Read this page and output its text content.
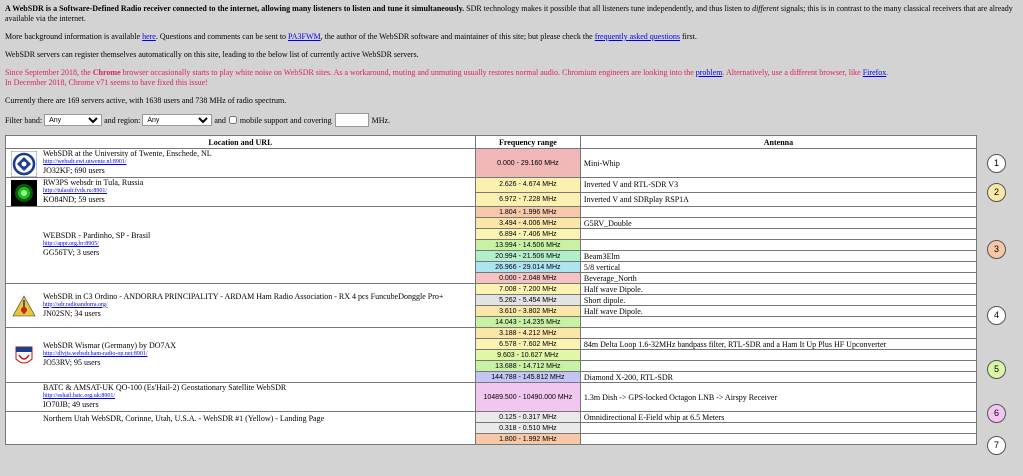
A WebSDR is a Software-Defined Radio receiver connected to the internet, allowing many listeners to listen and tune it simultaneously. SDR technology makes it possible that all listeners tune independently, and thus listen to different signals; this is in contrast to the many classical receivers that are already available via the internet.

More background information is available here. Questions and comments can be sent to PA3FWM, the author of the WebSDR software and maintainer of this site; but please check the frequently asked questions first.

WebSDR servers can register themselves automatically on this site, leading to the below list of currently active WebSDR servers.

Since September 2018, the Chrome browser occasionally starts to play white noise on WebSDR sites. As a workaround, muting and unmuting usually restores normal audio. Chromium engineers are looking into the problem. Alternatively, use a different browser, like Firefox.
In December 2018, Chrome v71 seems to have fixed this issue!

Currently there are 169 servers active, with 1638 users and 738 MHz of radio spectrum.

Filter band:
Any	and region:
Any	and mobile support and covering	MHz.
Location and URL	Frequency range	Antenna

WebSDR at the University of Twente, Enschede, NL
http://websdr.ewi.utwente.nl:8901/
JO32KF; 690 users	0.000 - 29.160 MHz	Mini-Whip

RW3PS websdr in Tula, Russia
http://tulasdr.fvds.ru:8901/
KO84ND; 59 users	2.626 - 4.674 MHz	Inverted V and RTL-SDR V3
	6.972 - 7.228 MHz	Inverted V and SDRplay RSP1A

WEBSDR - Pardinho, SP - Brasil
http://appr.org.br:8905/
GG56TV; 3 users	1.804 - 1.996 MHz	
	3.494 - 4.006 MHz	G5RV_Double
	6.894 - 7.406 MHz	
	13.994 - 14.506 MHz	
	20.994 - 21.506 MHz	Beam3Elm
	26.966 - 29.014 MHz	5/8 vertical
	0.000 - 2.048 MHz	Beverage_North

WebSDR in C3 Ordino - ANDORRA PRINCIPALITY - ARDAM Ham Radio Association - RX 4 pcs FuncubeDonggle Pro+
http://sdr.radioandorra.org/
JN02SN; 34 users	7.008 - 7.200 MHz	Half wave Dipole.
	5.262 - 5.454 MHz	Short dipole.
	3.610 - 3.802 MHz	Half wave Dipole.
	14.043 - 14.235 MHz	

WebSDR Wismar (Germany) by DO7AX
http://dlvjis.websdr.ham-radio-op.net:8901/
JO53RV; 95 users	3.188 - 4.212 MHz	
	6.578 - 7.602 MHz	84m Delta Loop 1.6-32MHz bandpass filter, RTL-SDR and a Ham It Up Plus HF Upconverter
	9.603 - 10.627 MHz	
	13.688 - 14.712 MHz	
	144.788 - 145.812 MHz	Diamond X-200, RTL-SDR

BATC & AMSAT-UK QO-100 (Es'Hail-2) Geostationary Satellite WebSDR
http://eshail.batc.org.uk:8901/
IO70JB; 49 users	10489.500 - 10490.000 MHz	1.3m Dish -> GPS-locked Octagon LNB -> Airspy Receiver

Northern Utah WebSDR, Corinne, Utah, U.S.A. - WebSDR #1 (Yellow) - Landing Page	0.125 - 0.317 MHz	Omnidirectional E-Field whip at 6.5 Meters
	0.318 - 0.510 MHz	
	1.800 - 1.992 MHz	
1
2
3
4
5
6
7
